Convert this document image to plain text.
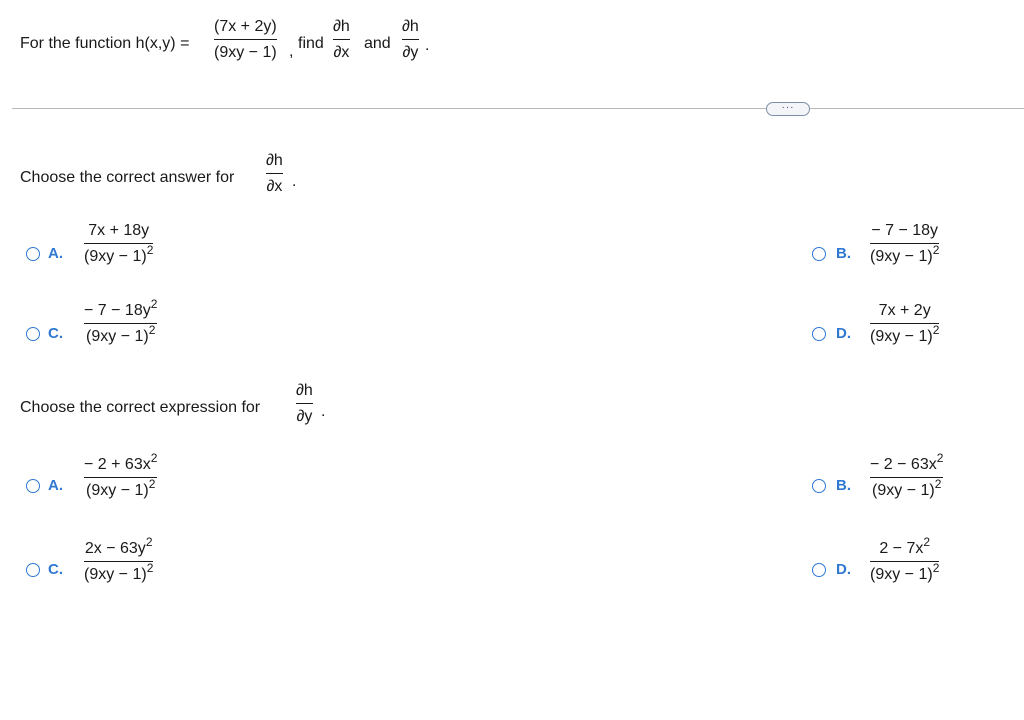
For the function h(x,y) =
(7x + 2y)
(9xy − 1) , find
∂h
∂x
and
∂h
∂y .
···
Choose the correct answer for
∂h
∂x .
A.
7x + 18y
$(9xy - 1)^2$	B.
− 7 − 18y
$(9xy - 1)^2$
C.
− $7 - 18y^2$
$(9xy - 1)^2$	D.
7x + 2y
$(9xy - 1)^2$
Choose the correct expression for
∂h
∂y .
A.
− $2 + 63x^2$
$(9xy - 1)^2$	B.
− $2 - 63x^2$
$(9xy - 1)^2$
C.
$2x - 63y^2$
$(9xy - 1)^2$	D.
$2 - 7x^2$
$(9xy - 1)^2$
